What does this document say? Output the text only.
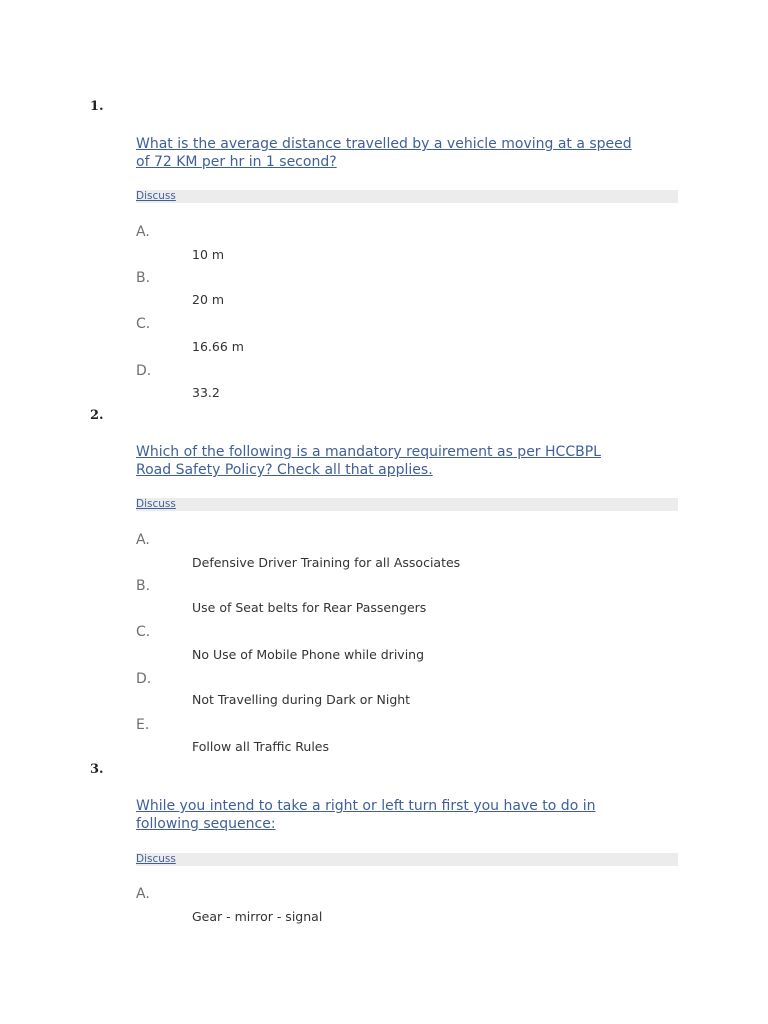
1.
What is the average distance travelled by a vehicle moving at a speed
of 72 KM per hr in 1 second?
Discuss
A.
10 m
B.
20 m
C.
16.66 m
D.
33.2
2.
Which of the following is a mandatory requirement as per HCCBPL
Road Safety Policy? Check all that applies.
Discuss
A.
Defensive Driver Training for all Associates
B.
Use of Seat belts for Rear Passengers
C.
No Use of Mobile Phone while driving
D.
Not Travelling during Dark or Night
E.
Follow all Traffic Rules
3.
While you intend to take a right or left turn first you have to do in
following sequence:
Discuss
A.
Gear - mirror - signal
